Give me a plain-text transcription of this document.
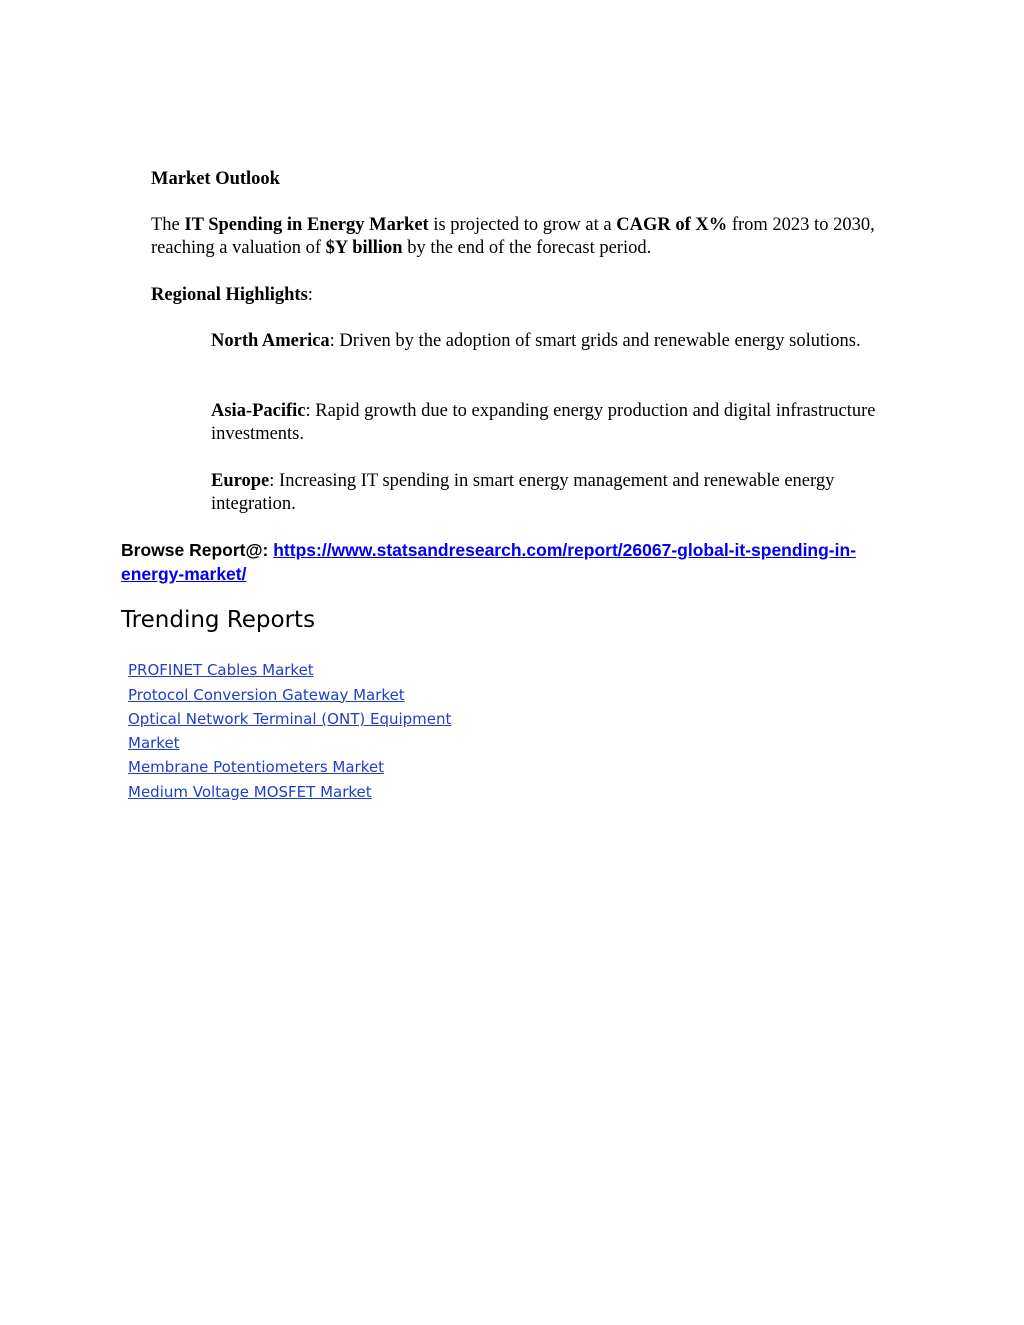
Market Outlook

The IT Spending in Energy Market is projected to grow at a CAGR of X% from 2023 to 2030, reaching a valuation of $Y billion by the end of the forecast period.

Regional Highlights:

North America: Driven by the adoption of smart grids and renewable energy solutions.

Asia-Pacific: Rapid growth due to expanding energy production and digital infrastructure investments.

Europe: Increasing IT spending in smart energy management and renewable energy integration.

Browse Report@: https://www.statsandresearch.com/report/26067-global-it-spending-in-energy-market/

Trending Reports
PROFINET Cables Market
Protocol Conversion Gateway Market
Optical Network Terminal (ONT) Equipment Market
Membrane Potentiometers Market
Medium Voltage MOSFET Market
